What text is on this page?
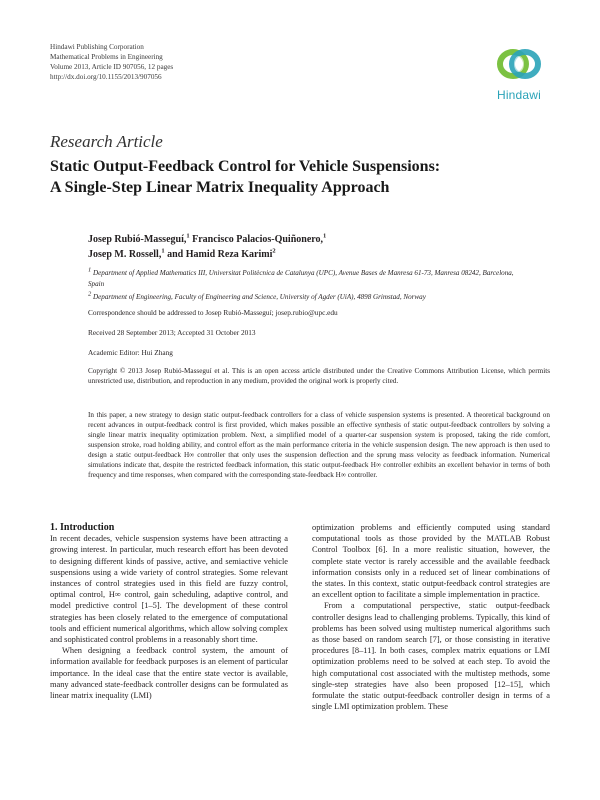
Hindawi Publishing Corporation
Mathematical Problems in Engineering
Volume 2013, Article ID 907056, 12 pages
http://dx.doi.org/10.1155/2013/907056
Hindawi
Research Article
Static Output-Feedback Control for Vehicle Suspensions:
A Single-Step Linear Matrix Inequality Approach
Josep Rubió-Masseguí,$^1$ Francisco Palacios-Quiñonero,$^1$
Josep M. Rossell,$^1$ and Hamid Reza Karimi$^2$
$^1$ Department of Applied Mathematics III, Universitat Politècnica de Catalunya (UPC), Avenue Bases de Manresa 61-73, Manresa 08242, Barcelona, Spain
$^2$ Department of Engineering, Faculty of Engineering and Science, University of Agder (UiA), 4898 Grimstad, Norway
Correspondence should be addressed to Josep Rubió-Masseguí; josep.rubio@upc.edu
Received 28 September 2013; Accepted 31 October 2013
Academic Editor: Hui Zhang
Copyright © 2013 Josep Rubió-Masseguí et al. This is an open access article distributed under the Creative Commons Attribution License, which permits unrestricted use, distribution, and reproduction in any medium, provided the original work is properly cited.
In this paper, a new strategy to design static output-feedback controllers for a class of vehicle suspension systems is presented. A theoretical background on recent advances in output-feedback control is first provided, which makes possible an effective synthesis of static output-feedback controllers by solving a single linear matrix inequality optimization problem. Next, a simplified model of a quarter-car suspension system is proposed, taking the ride comfort, suspension stroke, road holding ability, and control effort as the main performance criteria in the vehicle suspension design. The new approach is then used to design a static output-feedback H∞ controller that only uses the suspension deflection and the sprung mass velocity as feedback information. Numerical simulations indicate that, despite the restricted feedback information, this static output-feedback H∞ controller exhibits an excellent behavior in terms of both frequency and time responses, when compared with the corresponding state-feedback H∞ controller.

1. Introduction

In recent decades, vehicle suspension systems have been attracting a growing interest. In particular, much research effort has been devoted to designing different kinds of passive, active, and semiactive vehicle suspensions using a wide variety of control strategies. Some relevant instances of control strategies used in this field are fuzzy control, optimal control, H∞ control, gain scheduling, adaptive control, and model predictive control [1–5]. The development of these control strategies has been closely related to the emergence of computational tools and efficient numerical algorithms, which allow solving complex and sophisticated control problems in a reasonably short time.

When designing a feedback control system, the amount of information available for feedback purposes is an element of particular importance. In the ideal case that the entire state vector is available, many advanced state-feedback controller designs can be formulated as linear matrix inequality (LMI)

optimization problems and efficiently computed using standard computational tools as those provided by the MATLAB Robust Control Toolbox [6]. In a more realistic situation, however, the complete state vector is rarely accessible and the available feedback information consists only in a reduced set of linear combinations of the states. In this context, static output-feedback control strategies are an excellent option to facilitate a simple implementation in practice.

From a computational perspective, static output-feedback controller designs lead to challenging problems. Typically, this kind of problems has been solved using multistep numerical algorithms such as those based on random search [7], or those consisting in iterative procedures [8–11]. In both cases, complex matrix equations or LMI optimization problems need to be solved at each step. To avoid the high computational cost associated with the multistep methods, some single-step strategies have also been proposed [12–15], which formulate the static output-feedback controller design in terms of a single LMI optimization problem. These
